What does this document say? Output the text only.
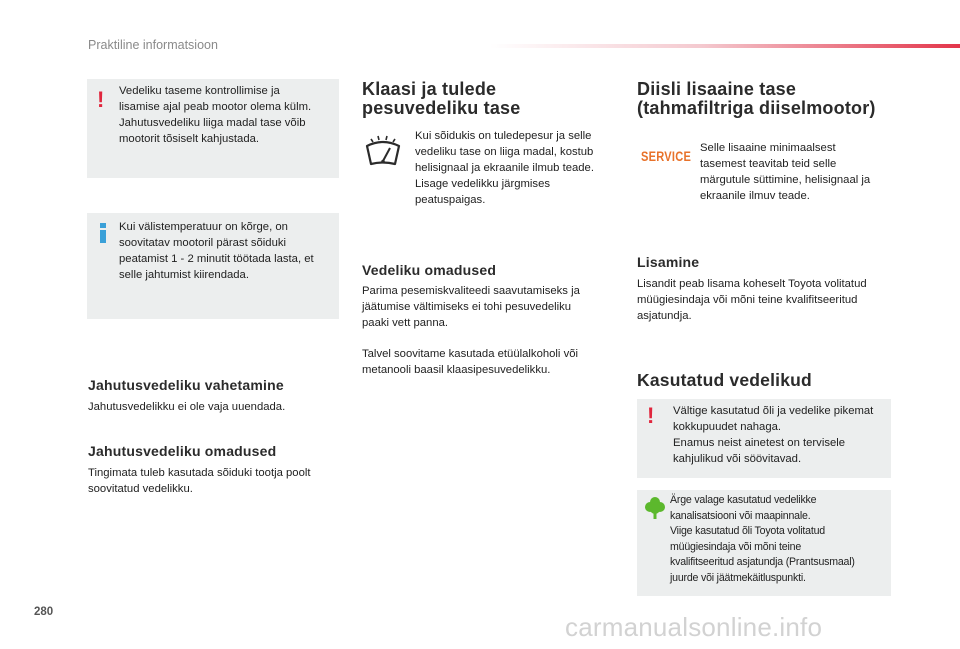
Praktiline informatsioon
! Vedeliku taseme kontrollimise ja
lisamise ajal peab mootor olema külm.
Jahutusvedeliku liiga madal tase võib
mootorit tõsiselt kahjustada.
Kui välistemperatuur on kõrge, on
soovitatav mootoril pärast sõiduki
peatamist 1 - 2 minutit töötada lasta, et
selle jahtumist kiirendada.
Jahutusvedeliku vahetamine
Jahutusvedelikku ei ole vaja uuendada.
Jahutusvedeliku omadused
Tingimata tuleb kasutada sõiduki tootja poolt
soovitatud vedelikku.
Klaasi ja tulede
pesuvedeliku tase
Kui sõidukis on tuledepesur ja selle
vedeliku tase on liiga madal, kostub
helisignaal ja ekraanile ilmub teade.
Lisage vedelikku järgmises
peatuspaigas.
Vedeliku omadused
Parima pesemiskvaliteedi saavutamiseks ja
jäätumise vältimiseks ei tohi pesuvedeliku
paaki vett panna.
Talvel soovitame kasutada etüülalkoholi või
metanooli baasil klaasipesuvedelikku.
Diisli lisaaine tase
(tahmafiltriga diiselmootor)
SERVICE
Selle lisaaine minimaalsest
tasemest teavitab teid selle
märgutule süttimine, helisignaal ja
ekraanile ilmuv teade.
Lisamine
Lisandit peab lisama koheselt Toyota volitatud
müügiesindaja või mõni teine kvalifitseeritud
asjatundja.
Kasutatud vedelikud
! Vältige kasutatud õli ja vedelike pikemat
kokkupuudet nahaga.
Enamus neist ainetest on tervisele
kahjulikud või söövitavad.
Ärge valage kasutatud vedelikke
kanalisatsiooni või maapinnale.
Viige kasutatud õli Toyota volitatud
müügiesindaja või mõni teine
kvalifitseeritud asjatundja (Prantsusmaal)
juurde või jäätmekäitluspunkti.
280	carmanualsonline.info
